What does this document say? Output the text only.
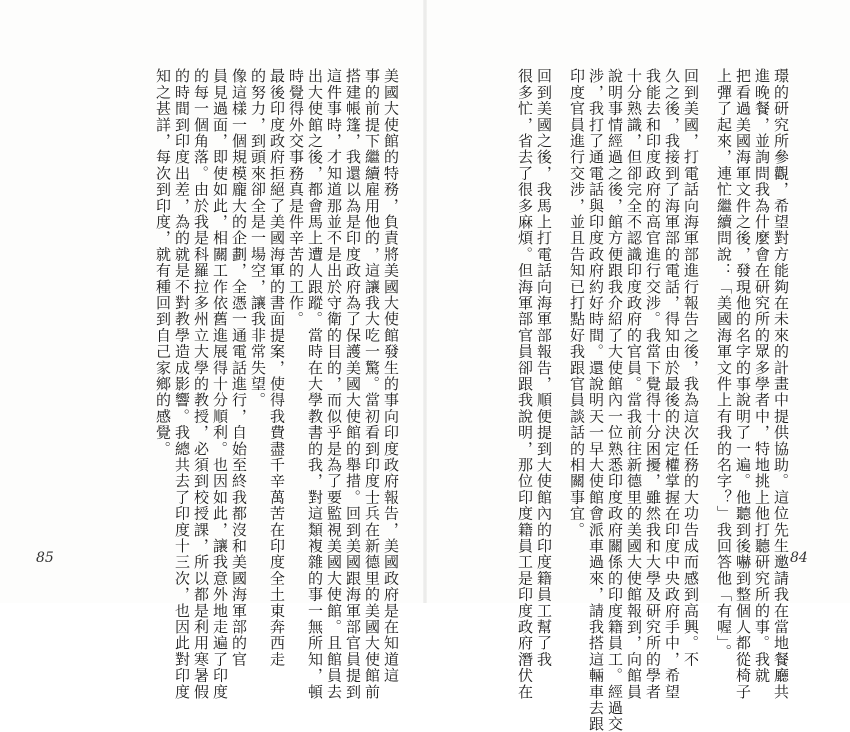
美國大使館的特務，負責將美國大使館發生的事向印度政府報告，美國政府是在知道這
事的前提下繼續雇用他的，這讓我大吃一驚。當初看到印度士兵在新德里的美國大使館前
搭建帳篷，我還以為是印度政府為了保護美國大使館的舉措。回到美國跟海軍部官員提到
這件事時，才知道那並不是出於守衛的目的，而似乎是為了要監視美國大使館。且館員去
出大使館之後，都會馬上遭人跟蹤。當時在大學教書的我，對這類複雜的事一無所知，頓
時覺得外交事務真是件辛苦的工作。
最後印度政府拒絕了美國海軍的書面提案，使得我費盡千辛萬苦在印度全土東奔西走
的努力，到頭來卻全是一場空，讓我非常失望。
像這樣一個規模龐大的企劃，全憑一通電話進行，自始至終我都沒和美國海軍部的官
員見過面，即使如此，相關工作依舊進展得十分順利。也因如此，讓我意外地走遍了印度
的每一個角落。由於我是科羅拉多州立大學的教授，必須到校授課，所以都是利用寒暑假
的時間到印度出差，為的就是不對教學造成影響。我總共去了印度十三次，也因此對印度
知之甚詳，每次到印度，就有種回到自己家鄉的感覺。
85	璟的研究所參觀，希望對方能夠在未來的計畫中提供協助。這位先生邀請我在當地餐廳共
進晚餐，並詢問我為什麼會在研究所的眾多學者中，特地挑上他打聽研究所的事。我就
把看過美國海軍文件之後，發現他的名字的事說明了一遍。他聽到後嚇到整個人都從椅子
上彈了起來，連忙繼續問說：「美國海軍文件上有我的名字？」我回答他「有喔」。
回到美國，打電話向海軍部進行報告之後，我為這次任務的大功告成而感到高興。不
久之後，我接到了海軍部的電話，得知由於最後的決定權掌握在印度中央政府手中，希望
我能去和印度政府的高官進行交涉。我當下覺得十分困擾，雖然我和大學及研究所的學者
十分熟識，但卻完全不認識印度政府的官員。當我前往新德里的美國大使館報到，向館員
說明事情經過之後，館方便跟我介紹了大使館內一位熟悉印度政府關係的印度籍員工。經過交
涉，我打了通電話與印度政府約好時間。還說明天一早大使館會派車過來，請我搭這輛車去跟
印度官員進行交涉，並且告知已打點好我跟官員談話的相關事宜。
回到美國之後，我馬上打電話向海軍部報告，順便提到大使館內的印度籍員工幫了我
很多忙，省去了很多麻煩。但海軍部官員卻跟我說明，那位印度籍員工是印度政府潛伏在	84
